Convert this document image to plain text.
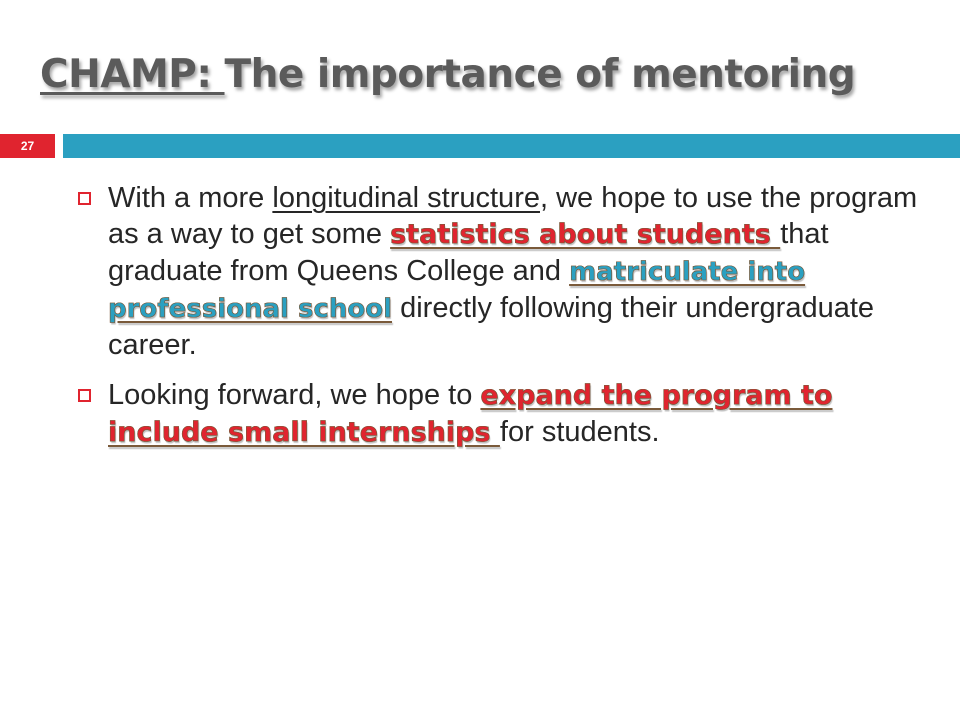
CHAMP: The importance of mentoring
27
With a more longitudinal structure, we hope to use the program as a way to get some statistics about students that graduate from Queens College and matriculate into professional school directly following their undergraduate career.
Looking forward, we hope to expand the program to include small internships for students.
